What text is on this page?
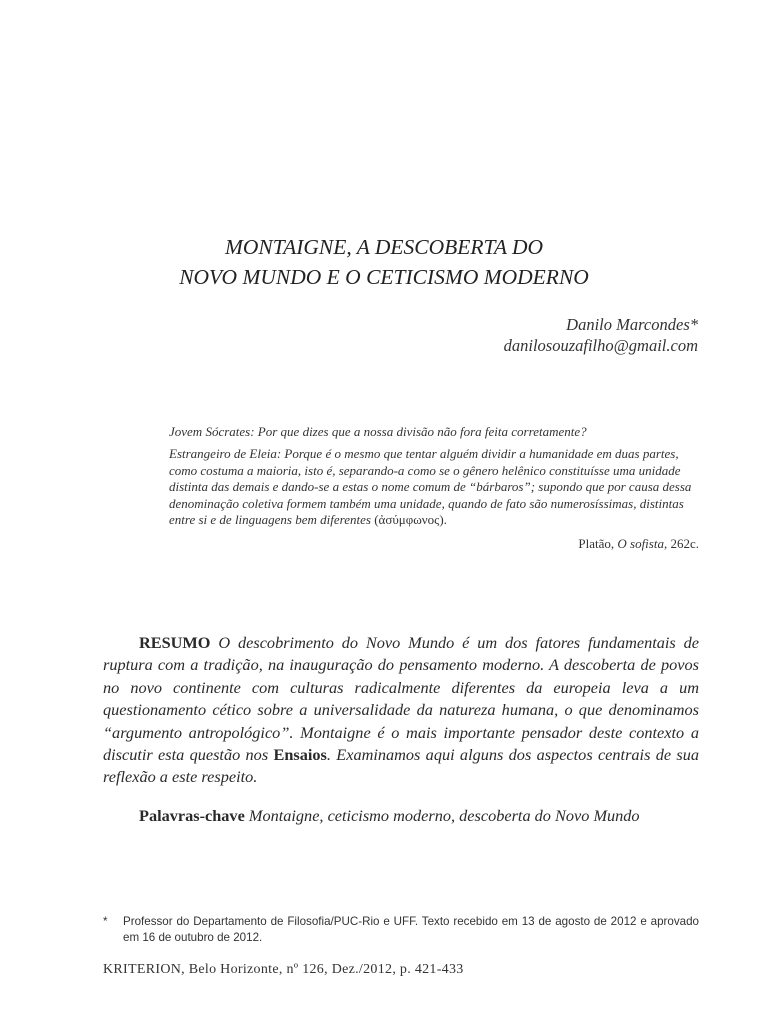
MONTAIGNE, A DESCOBERTA DO
NOVO MUNDO E O CETICISMO MODERNO
Danilo Marcondes*
danilosouzafilho@gmail.com

Jovem Sócrates: Por que dizes que a nossa divisão não fora feita corretamente?

Estrangeiro de Eleia: Porque é o mesmo que tentar alguém dividir a humanidade em duas partes, como costuma a maioria, isto é, separando-a como se o gênero helênico constituísse uma unidade distinta das demais e dando-se a estas o nome comum de “bárbaros”; supondo que por causa dessa denominação coletiva formem também uma unidade, quando de fato são numerosíssimas, distintas entre si e de linguagens bem diferentes (ἀσύμφωνος).

Platão, O sofista, 262c.

RESUMO O descobrimento do Novo Mundo é um dos fatores fundamentais de ruptura com a tradição, na inauguração do pensamento moderno. A descoberta de povos no novo continente com culturas radicalmente diferentes da europeia leva a um questionamento cético sobre a universalidade da natureza humana, o que denominamos “argumento antropológico”. Montaigne é o mais importante pensador deste contexto a discutir esta questão nos Ensaios. Examinamos aqui alguns dos aspectos centrais de sua reflexão a este respeito.

Palavras-chave Montaigne, ceticismo moderno, descoberta do Novo Mundo

*	Professor do Departamento de Filosofia/PUC-Rio e UFF. Texto recebido em 13 de agosto de 2012 e aprovado em 16 de outubro de 2012.
KRITERION, Belo Horizonte, nº 126, Dez./2012, p. 421-433
